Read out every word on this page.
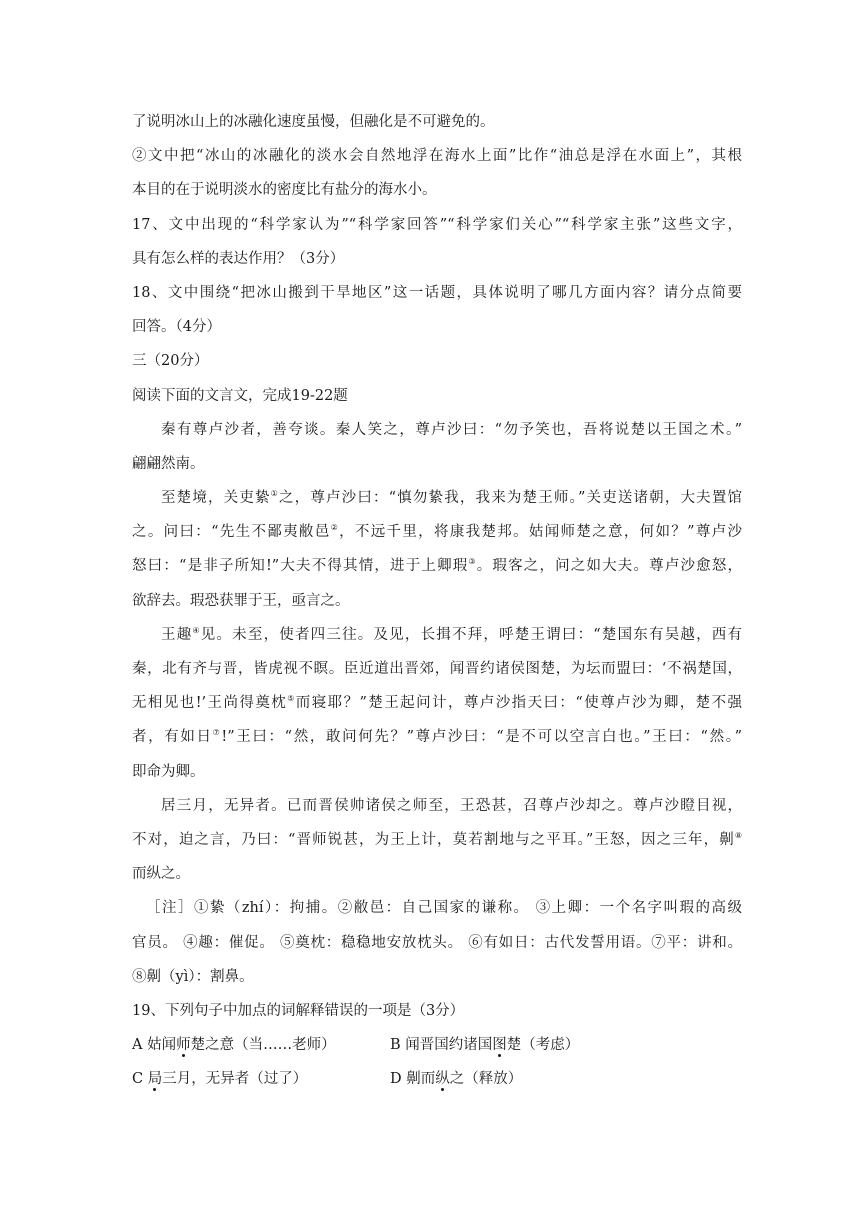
了说明冰山上的冰融化速度虽慢，但融化是不可避免的。
②文中把“冰山的冰融化的淡水会自然地浮在海水上面”比作“油总是浮在水面上”，其根
本目的在于说明淡水的密度比有盐分的海水小。
17、文中出现的“科学家认为”“科学家回答”“科学家们关心”“科学家主张”这些文字，
具有怎么样的表达作用？（3分）
18、文中围绕“把冰山搬到干旱地区”这一话题，具体说明了哪几方面内容？请分点简要
回答。（4分）
三（20分）
阅读下面的文言文，完成19-22题
秦有尊卢沙者，善夸谈。秦人笑之，尊卢沙曰：“勿予笑也，吾将说楚以王国之术。”
翩翩然南。
至楚境，关吏絷①之，尊卢沙曰：“慎勿絷我，我来为楚王师。”关吏送诸朝，大夫置馆
之。问曰：“先生不鄙夷敝邑②，不远千里，将康我楚邦。姑闻师楚之意，何如？”尊卢沙
怒曰：“是非子所知!”大夫不得其情，进于上卿瑕③。瑕客之，问之如大夫。尊卢沙愈怒，
欲辞去。瑕恐获罪于王，亟言之。
王趣④见。未至，使者四三往。及见，长揖不拜，呼楚王谓曰：“楚国东有吴越，西有
秦，北有齐与晋，皆虎视不瞑。臣近道出晋郊，闻晋约诸侯图楚，为坛而盟曰：‘不祸楚国，
无相见也!’王尚得奠枕⑤而寝耶？”楚王起问计，尊卢沙指天曰：“使尊卢沙为卿，楚不强
者，有如日⑦!”王曰：“然，敢问何先？”尊卢沙曰：“是不可以空言白也。”王曰：“然。”
即命为卿。
居三月，无异者。已而晋侯帅诸侯之师至，王恐甚，召尊卢沙却之。尊卢沙瞪目视，
不对，迫之言，乃曰：“晋师锐甚，为王上计，莫若割地与之平耳。”王怒，因之三年，劓⑧
而纵之。
［注］①絷（zhí）：拘捕。②敝邑：自己国家的谦称。 ③上卿：一个名字叫瑕的高级
官员。 ④趣：催促。 ⑤奠枕：稳稳地安放枕头。 ⑥有如日：古代发誓用语。⑦平：讲和。
⑧劓（yì）：割鼻。
19、下列句子中加点的词解释错误的一项是（3分）
A 姑闻师楚之意（当……老师）	B 闻晋国约诸国图楚（考虑）
C 局三月，无异者（过了）	D 劓而纵之（释放）
